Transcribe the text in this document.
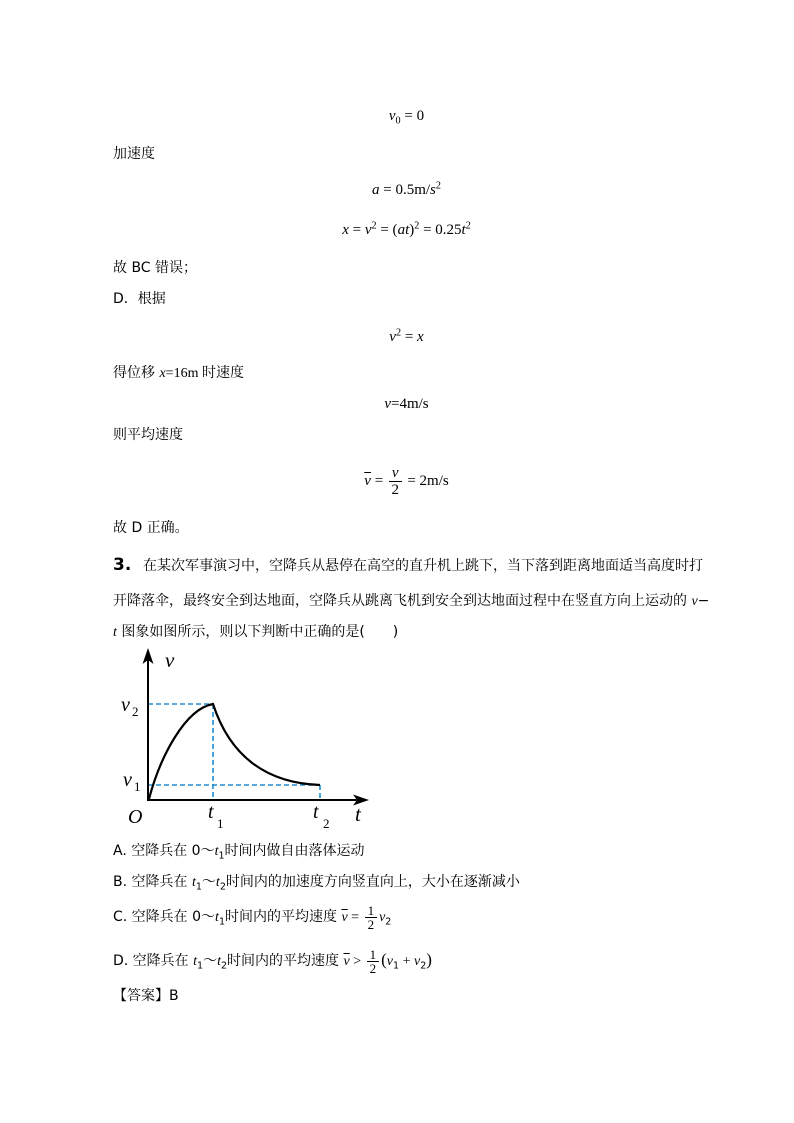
$v_0 = 0$
加速度
$a = 0.5m/s^2$
$x = v^2 = (at)^2 = 0.25t^2$
故 BC 错误；
D．根据
$v^2 = x$
得位移 x=16m 时速度
v=4m/s
则平均速度
$\overline{v} = \frac{v}{2} = 2m/s$
故 D 正确。
3. 在某次军事演习中，空降兵从悬停在高空的直升机上跳下，当下落到距离地面适当高度时打
开降落伞，最终安全到达地面，空降兵从跳离飞机到安全到达地面过程中在竖直方向上运动的 v−
t 图象如图所示，则以下判断中正确的是(　　)
v
t
O
v 2
v 1
t
1
t
2
A. 空降兵在 $0\sim t_1$时间内做自由落体运动
B. 空降兵在 $t_1\sim t_2$时间内的加速度方向竖直向上，大小在逐渐减小
C. 空降兵在 $0\sim t_1$时间内的平均速度 $\overline{v} = \frac{1}{2} v_2$
D. 空降兵在 $t_1\sim t_2$时间内的平均速度 $\overline{v} > \frac{1}{2} (v_1 + v_2)$
【答案】B
